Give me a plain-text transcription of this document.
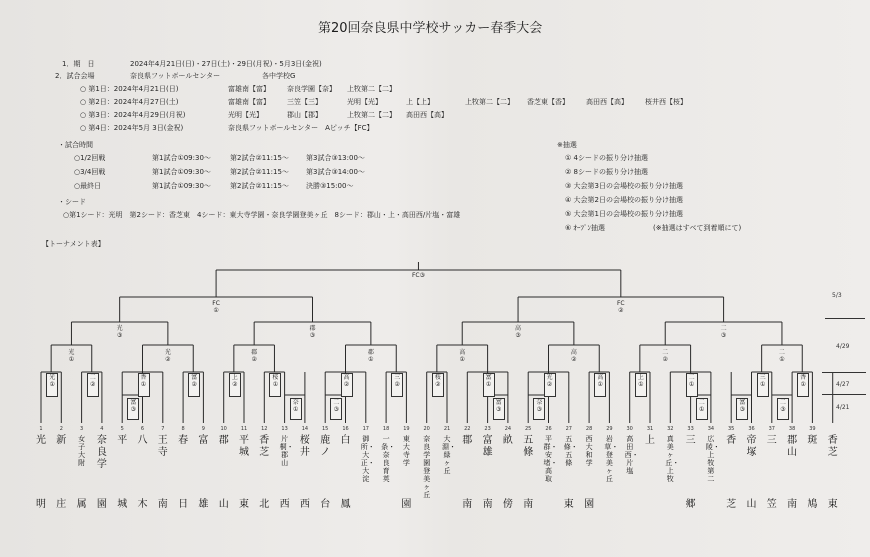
第20回奈良県中学校サッカー春季大会
1．期　日	2024年4月21日(日)・27日(土)・29日(月祝)・5月3日(金祝)
2．試合会場	奈良県フットボールセンター	各中学校G
○ 第1日：2024年4月21日(日)	富雄南【富】 奈良学園【奈】 上牧第二【二】
○ 第2日：2024年4月27日(土)	富雄南【富】 三笠【三】	光明【光】	上【上】	上牧第二【二】 香芝東【香】 高田西【高】 桜井西【桜】
○ 第3日：2024年4月29日(月祝)	光明【光】	郡山【郡】	上牧第二【二】 高田西【高】
○ 第4日：2024年5月 3日(金祝)	奈良県フットボールセンター　Aピッチ【FC】
・試合時間
○1/2回戦	第1試合①09:30～	第2試合②11:15～ 第3試合③13:00～
○3/4回戦	第1試合①09:30～	第2試合②11:15～ 第3試合③14:00～
○最終日	第1試合①09:30～	第2試合②11:15～ 決勝③15:00～
・シード
○第1シード：光明　第2シード：香芝東　4シード：東大寺学園・奈良学園登美ヶ丘　8シード：郡山・上・高田西/片塩・富雄
※抽選
① 4シードの振り分け抽選
② 8シードの振り分け抽選
③ 大会第3日の会場校の振り分け抽選
④ 大会第2日の会場校の振り分け抽選
⑤ 大会第1日の会場校の振り分け抽選
⑥ ｵｰﾌﾟﾝ抽選	(※抽選はすべて到着順にて)
【トーナメント表】
1
光
明
2
新
庄
3
女子大附
属
4
奈良学
園
5
平
城
6
八
木
7
王寺
南
8
春
日
9
富
雄
10
郡
山
11
平城
東
12
香芝
北
13
片桐・郡山
西
14
桜井
西
15
鹿ノ
台
16
白
鳳
17
御所・大正・大淀
18
一条・奈良育英
19
東大寺学
園
20
奈良学園登美ヶ丘
21
大淵・緑ヶ丘
22
郡
南
23
富雄
南
24
畝
傍
25
五條
南
26
平群・安堵・高取
27
五條・五條
東
28
西大和学
園
29
岩草・登美ヶ丘
30
高田西・片塩
31
上
32
真美ヶ丘・上牧
33
三
郷
34
広陵・上牧第二
35
香
芝
36
帝塚
山
37
三
笠
38
郡山
南
39
斑
鳩
香芝
東
富 ③
奈 ①
二 ③
富 ③
奈 ③
二 ①
富 ③
二 ③
光 ①
二 ②
香 ①
富 ②
上 ②
桜 ①
高 ②
三 ②
桜 ②
富 ①
光 ②
高 ①
上 ①
二 ①
三 ①
香 ①
光
①
光
②
郡
②
郡
①
高
①
高
②
二
②
二
①
光
③
郡
③
高
③
二
③
FC
①
FC
②
FC③
5/3
4/29
4/27
4/21
